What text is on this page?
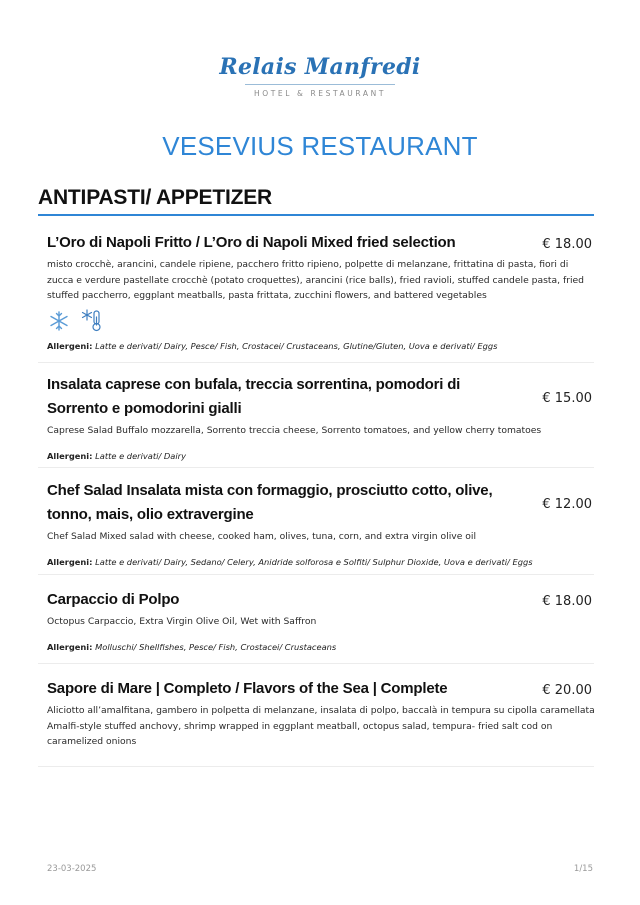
Relais Manfredi
HOTEL & RESTAURANT
VESEVIUS RESTAURANT
ANTIPASTI/ APPETIZER
€ 18.00
L’Oro di Napoli Fritto / L’Oro di Napoli Mixed fried selection
misto crocchè, arancini, candele ripiene, pacchero fritto ripieno, polpette di melanzane, frittatina di pasta, fiori di zucca e verdure pastellate crocchè (potato croquettes), arancini (rice balls), fried ravioli, stuffed candele pasta, fried stuffed paccherro, eggplant meatballs, pasta frittata, zucchini flowers, and battered vegetables

Allergeni: Latte e derivati/ Dairy, Pesce/ Fish, Crostacei/ Crustaceans, Glutine/Gluten, Uova e derivati/ Eggs
€ 15.00
Insalata caprese con bufala, treccia sorrentina, pomodori di Sorrento e pomodorini gialli
Caprese Salad Buffalo mozzarella, Sorrento treccia cheese, Sorrento tomatoes, and yellow cherry tomatoes
Allergeni: Latte e derivati/ Dairy
€ 12.00
Chef Salad Insalata mista con formaggio, prosciutto cotto, olive, tonno, mais, olio extravergine
Chef Salad Mixed salad with cheese, cooked ham, olives, tuna, corn, and extra virgin olive oil
Allergeni: Latte e derivati/ Dairy, Sedano/ Celery, Anidride solforosa e Solfiti/ Sulphur Dioxide, Uova e derivati/ Eggs
€ 18.00
Carpaccio di Polpo
Octopus Carpaccio, Extra Virgin Olive Oil, Wet with Saffron
Allergeni: Molluschi/ Shellfishes, Pesce/ Fish, Crostacei/ Crustaceans
€ 20.00
Sapore di Mare | Completo / Flavors of the Sea | Complete
Aliciotto all’amalfitana, gambero in polpetta di melanzane, insalata di polpo, baccalà in tempura su cipolla caramellata Amalfi-style stuffed anchovy, shrimp wrapped in eggplant meatball, octopus salad, tempura- fried salt cod on caramelized onions
23-03-2025	1/15
